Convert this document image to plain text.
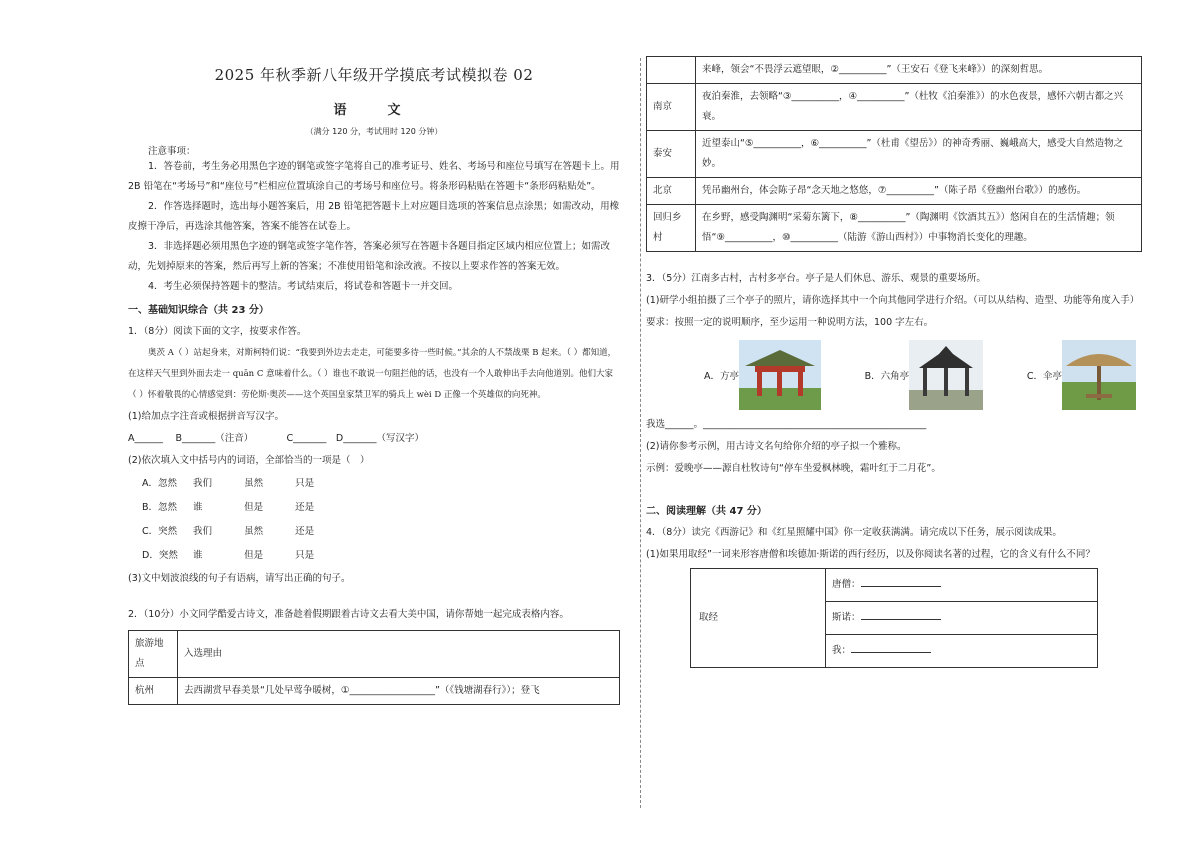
2025 年秋季新八年级开学摸底考试模拟卷 02
语　文
（满分 120 分，考试用时 120 分钟）
注意事项：

1．答卷前，考生务必用黑色字迹的钢笔或签字笔将自己的准考证号、姓名、考场号和座位号填写在答题卡上。用 2B 铅笔在“考场号”和“座位号”栏相应位置填涂自己的考场号和座位号。将条形码粘贴在答题卡“条形码粘贴处”。

2．作答选择题时，选出每小题答案后，用 2B 铅笔把答题卡上对应题目选项的答案信息点涂黑；如需改动，用橡皮擦干净后，再选涂其他答案，答案不能答在试卷上。

3．非选择题必须用黑色字迹的钢笔或签字笔作答，答案必须写在答题卡各题目指定区域内相应位置上；如需改动，先划掉原来的答案，然后再写上新的答案；不准使用铅笔和涂改液。不按以上要求作答的答案无效。

4．考生必须保持答题卡的整洁。考试结束后，将试卷和答题卡一并交回。

一、基础知识综合（共 23 分）
1．（8分）阅读下面的文字，按要求作答。
奥茨 A（ ）站起身来，对斯柯特们说：“我要到外边去走走，可能要多待一些时候。”其余的人不禁战栗 B 起来。（ ）都知道，在这样天气里到外面去走一 quān C 意味着什么。（ ）谁也不敢说一句阻拦他的话，也没有一个人敢伸出手去向他道别。他们大家（ ）怀着敬畏的心情感觉到：劳伦斯·奥茨——这个英国皇家禁卫军的骑兵上 wèi D 正像一个英雄似的向死神。
(1)给加点字注音或根据拼音写汉字。
A______　 B_______（注音）　　　　C_______　D_______（写汉字）
(2)依次填入文中括号内的词语，全部恰当的一项是（　）
A．忽然 我们	虽然	只是
B．忽然 谁	但是	还是
C．突然 我们	虽然	还是
D．突然 谁	但是	只是
(3)文中划波浪线的句子有语病，请写出正确的句子。
2．（10分）小文同学酷爱古诗文，准备趁着假期跟着古诗文去看大美中国，请你帮她一起完成表格内容。
旅游地点	入选理由
杭州	去西湖赏早春美景“几处早莺争暖树，①__________________”（《钱塘湖春行》）；登飞
	来峰，领会“不畏浮云遮望眼，②__________”（王安石《登飞来峰》）的深刻哲思。
南京	夜泊秦淮，去领略“③__________，④__________”（杜牧《泊秦淮》）的水色夜景，感怀六朝古都之兴衰。
泰安	近望泰山“⑤__________，⑥__________”（杜甫《望岳》）的神奇秀丽、巍峨高大，感受大自然造物之妙。
北京	凭吊幽州台，体会陈子昂“念天地之悠悠，⑦__________”（陈子昂《登幽州台歌》）的感伤。
回归乡村	在乡野，感受陶渊明“采菊东篱下，⑧__________”（陶渊明《饮酒其五》）悠闲自在的生活情趣；领悟“⑨__________，⑩__________（陆游《游山西村》）中事物消长变化的理趣。
3．（5分）江南多古村，古村多亭台。亭子是人们休息、游乐、观景的重要场所。
(1)研学小组拍摄了三个亭子的照片，请你选择其中一个向其他同学进行介绍。（可以从结构、造型、功能等角度入手）要求：按照一定的说明顺序，至少运用一种说明方法，100 字左右。
A．方亭	B．六角亭	C．伞亭
我选______。_______________________________________________
(2)请你参考示例，用古诗文名句给你介绍的亭子拟一个雅称。
示例：爱晚亭——源自杜牧诗句“停车坐爱枫林晚，霜叶红于二月花”。
二、阅读理解（共 47 分）
4．（8分）读完《西游记》和《红星照耀中国》你一定收获满满。请完成以下任务，展示阅读成果。
(1)如果用取经”一词来形容唐僧和埃德加·斯诺的西行经历，以及你阅读名著的过程，它的含义有什么不同？
取经	唐僧：
斯诺：
我：
